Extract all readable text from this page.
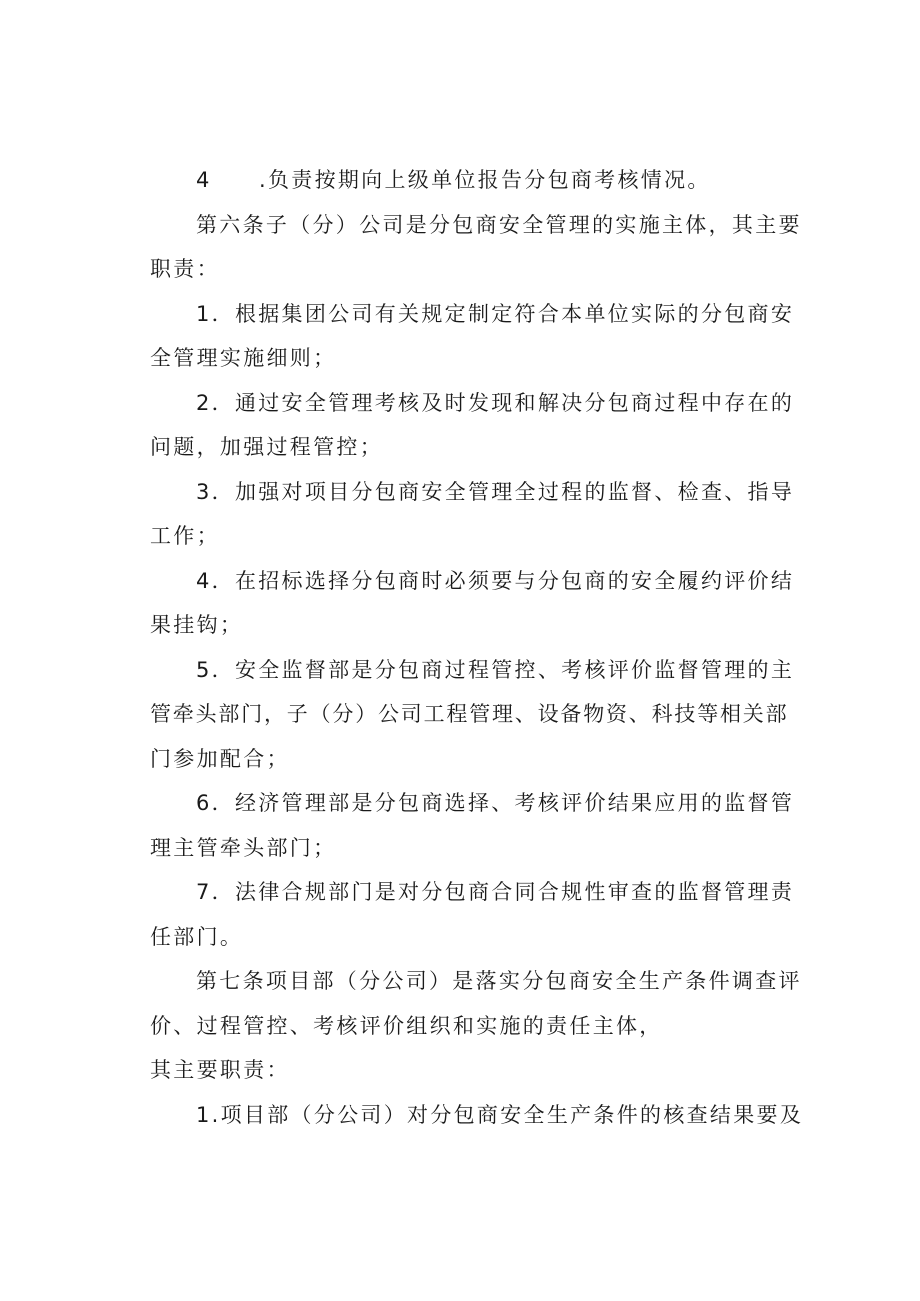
4 .负责按期向上级单位报告分包商考核情况。
第六条子（分）公司是分包商安全管理的实施主体，其主要
职责：
1．根据集团公司有关规定制定符合本单位实际的分包商安
全管理实施细则；
2．通过安全管理考核及时发现和解决分包商过程中存在的
问题，加强过程管控；
3．加强对项目分包商安全管理全过程的监督、检查、指导
工作；
4．在招标选择分包商时必须要与分包商的安全履约评价结
果挂钩；
5．安全监督部是分包商过程管控、考核评价监督管理的主
管牵头部门，子（分）公司工程管理、设备物资、科技等相关部
门参加配合；
6．经济管理部是分包商选择、考核评价结果应用的监督管
理主管牵头部门；
7．法律合规部门是对分包商合同合规性审查的监督管理责
任部门。
第七条项目部（分公司）是落实分包商安全生产条件调查评
价、过程管控、考核评价组织和实施的责任主体，
其主要职责：
1.项目部（分公司）对分包商安全生产条件的核查结果要及
